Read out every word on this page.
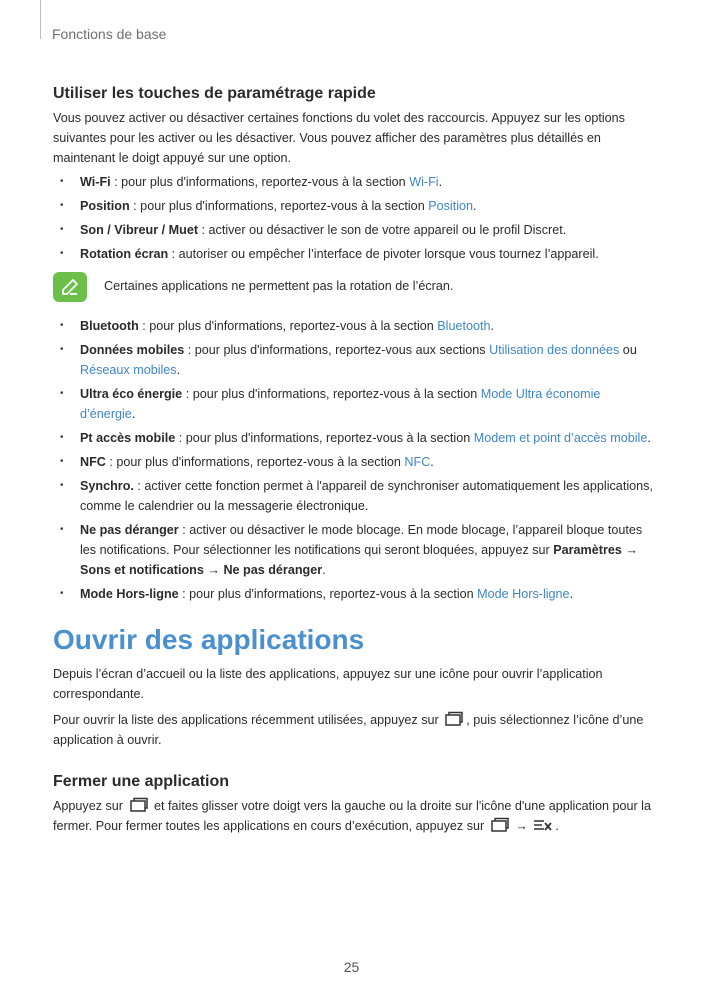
Fonctions de base
Utiliser les touches de paramétrage rapide

Vous pouvez activer ou désactiver certaines fonctions du volet des raccourcis. Appuyez sur les options suivantes pour les activer ou les désactiver. Vous pouvez afficher des paramètres plus détaillés en maintenant le doigt appuyé sur une option.

• Wi-Fi : pour plus d'informations, reportez-vous à la section Wi-Fi.
• Position : pour plus d'informations, reportez-vous à la section Position.
• Son / Vibreur / Muet : activer ou désactiver le son de votre appareil ou le profil Discret.
• Rotation écran : autoriser ou empêcher l’interface de pivoter lorsque vous tournez l’appareil.
Certaines applications ne permettent pas la rotation de l’écran.
• Bluetooth : pour plus d'informations, reportez-vous à la section Bluetooth.
• Données mobiles : pour plus d'informations, reportez-vous aux sections Utilisation des données ou Réseaux mobiles.
• Ultra éco énergie : pour plus d'informations, reportez-vous à la section Mode Ultra économie d’énergie.
• Pt accès mobile : pour plus d'informations, reportez-vous à la section Modem et point d’accès mobile.
• NFC : pour plus d'informations, reportez-vous à la section NFC.
• Synchro. : activer cette fonction permet à l'appareil de synchroniser automatiquement les applications, comme le calendrier ou la messagerie électronique.
• Ne pas déranger : activer ou désactiver le mode blocage. En mode blocage, l’appareil bloque toutes les notifications. Pour sélectionner les notifications qui seront bloquées, appuyez sur Paramètres → Sons et notifications → Ne pas déranger.
• Mode Hors-ligne : pour plus d'informations, reportez-vous à la section Mode Hors-ligne.
Ouvrir des applications

Depuis l’écran d’accueil ou la liste des applications, appuyez sur une icône pour ouvrir l’application correspondante.

Pour ouvrir la liste des applications récemment utilisées, appuyez sur , puis sélectionnez l’icône d’une application à ouvrir.

Fermer une application

Appuyez sur  et faites glisser votre doigt vers la gauche ou la droite sur l'icône d'une application pour la fermer. Pour fermer toutes les applications en cours d’exécution, appuyez sur  → .

25
